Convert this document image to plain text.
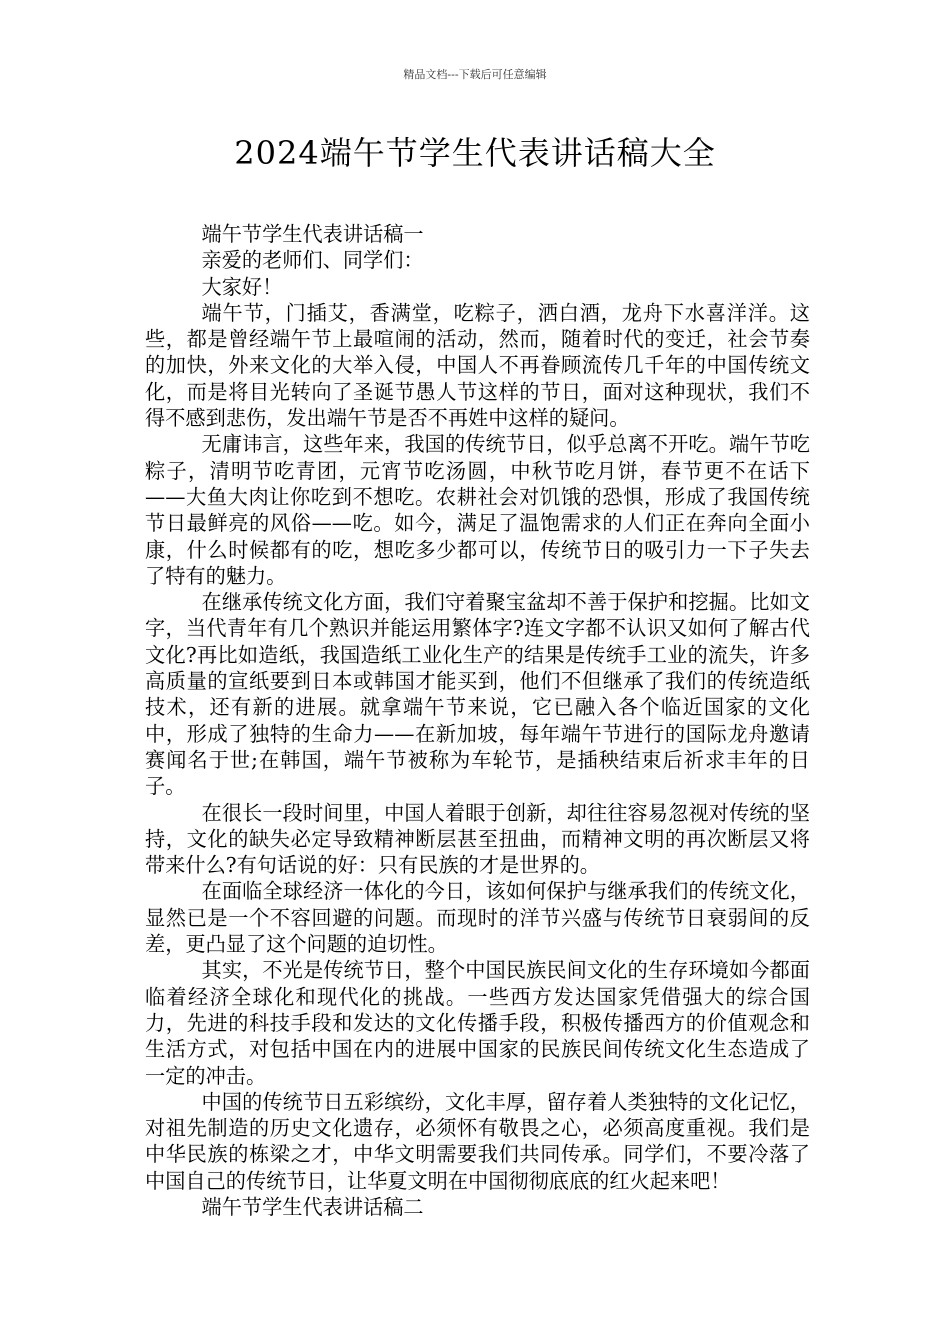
精品文档---下载后可任意编辑
2024端午节学生代表讲话稿大全

端午节学生代表讲话稿一

亲爱的老师们、同学们：

大家好！

端午节，门插艾，香满堂，吃粽子，洒白酒，龙舟下水喜洋洋。这些，都是曾经端午节上最喧闹的活动，然而，随着时代的变迁，社会节奏的加快，外来文化的大举入侵，中国人不再眷顾流传几千年的中国传统文化，而是将目光转向了圣诞节愚人节这样的节日，面对这种现状，我们不得不感到悲伤，发出端午节是否不再姓中这样的疑问。

无庸讳言，这些年来，我国的传统节日，似乎总离不开吃。端午节吃粽子，清明节吃青团，元宵节吃汤圆，中秋节吃月饼，春节更不在话下——大鱼大肉让你吃到不想吃。农耕社会对饥饿的恐惧，形成了我国传统节日最鲜亮的风俗——吃。如今，满足了温饱需求的人们正在奔向全面小康，什么时候都有的吃，想吃多少都可以，传统节日的吸引力一下子失去了特有的魅力。

在继承传统文化方面，我们守着聚宝盆却不善于保护和挖掘。比如文字，当代青年有几个熟识并能运用繁体字?连文字都不认识又如何了解古代文化?再比如造纸，我国造纸工业化生产的结果是传统手工业的流失，许多高质量的宣纸要到日本或韩国才能买到，他们不但继承了我们的传统造纸技术，还有新的进展。就拿端午节来说，它已融入各个临近国家的文化中，形成了独特的生命力——在新加坡，每年端午节进行的国际龙舟邀请赛闻名于世;在韩国，端午节被称为车轮节，是插秧结束后祈求丰年的日子。

在很长一段时间里，中国人着眼于创新，却往往容易忽视对传统的坚持，文化的缺失必定导致精神断层甚至扭曲，而精神文明的再次断层又将带来什么?有句话说的好：只有民族的才是世界的。

在面临全球经济一体化的今日，该如何保护与继承我们的传统文化，显然已是一个不容回避的问题。而现时的洋节兴盛与传统节日衰弱间的反差，更凸显了这个问题的迫切性。

其实，不光是传统节日，整个中国民族民间文化的生存环境如今都面临着经济全球化和现代化的挑战。一些西方发达国家凭借强大的综合国力，先进的科技手段和发达的文化传播手段，积极传播西方的价值观念和生活方式，对包括中国在内的进展中国家的民族民间传统文化生态造成了一定的冲击。

中国的传统节日五彩缤纷，文化丰厚，留存着人类独特的文化记忆，对祖先制造的历史文化遗存，必须怀有敬畏之心，必须高度重视。我们是中华民族的栋梁之才，中华文明需要我们共同传承。同学们，不要冷落了中国自己的传统节日，让华夏文明在中国彻彻底底的红火起来吧！

端午节学生代表讲话稿二
